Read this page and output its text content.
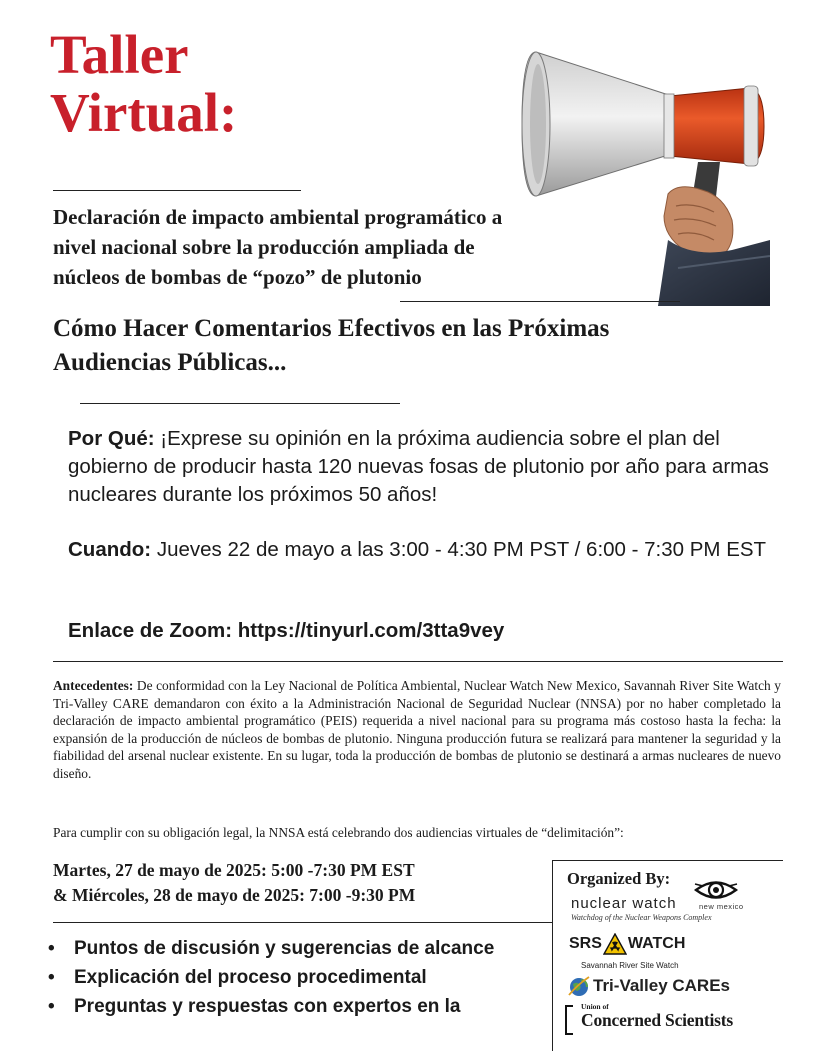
Taller
Virtual:
Declaración de impacto ambiental programático a
nivel nacional sobre la producción ampliada de
núcleos de bombas de “pozo” de plutonio
Cómo Hacer Comentarios Efectivos en las Próximas
Audiencias Públicas...

Por Qué: ¡Exprese su opinión en la próxima audiencia sobre el plan del gobierno de producir hasta 120 nuevas fosas de plutonio por año para armas nucleares durante los próximos 50 años!

Cuando: Jueves 22 de mayo a las 3:00 - 4:30 PM PST / 6:00 - 7:30 PM EST

Enlace de Zoom: https://tinyurl.com/3tta9vey

Antecedentes: De conformidad con la Ley Nacional de Política Ambiental, Nuclear Watch New Mexico, Savannah River Site Watch y Tri-Valley CARE demandaron con éxito a la Administración Nacional de Seguridad Nuclear (NNSA) por no haber completado la declaración de impacto ambiental programático (PEIS) requerida a nivel nacional para su programa más costoso hasta la fecha: la expansión de la producción de núcleos de bombas de plutonio. Ninguna producción futura se realizará para mantener la seguridad y la fiabilidad del arsenal nuclear existente. En su lugar, toda la producción de bombas de plutonio se destinará a armas nucleares de nuevo diseño.

Para cumplir con su obligación legal, la NNSA está celebrando dos audiencias virtuales de “delimitación”:

Martes, 27 de mayo de 2025: 5:00 -7:30 PM EST
& Miércoles, 28 de mayo de 2025: 7:00 -9:30 PM
• Puntos de discusión y sugerencias de alcance
• Explicación del proceso procedimental
• Preguntas y respuestas con expertos en la
Organized By:
nuclear watch	new mexico
Watchdog of the Nuclear Weapons Complex
SRS WATCH
Savannah River Site Watch
Tri-Valley CAREs
Union of
Concerned Scientists
